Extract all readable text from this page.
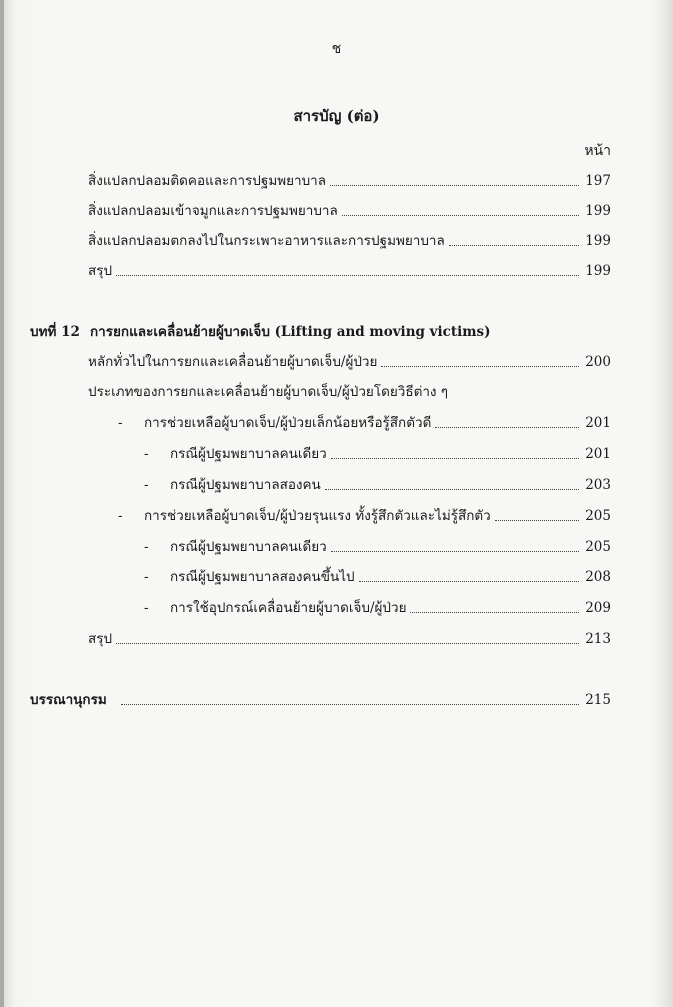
ช
สารบัญ (ต่อ)
หน้า
สิ่งแปลกปลอมติดคอและการปฐมพยาบาล	197
สิ่งแปลกปลอมเข้าจมูกและการปฐมพยาบาล	199
สิ่งแปลกปลอมตกลงไปในกระเพาะอาหารและการปฐมพยาบาล	199
สรุป	199
บทที่ 12 การยกและเคลื่อนย้ายผู้บาดเจ็บ (Lifting and moving victims)
หลักทั่วไปในการยกและเคลื่อนย้ายผู้บาดเจ็บ/ผู้ป่วย	200
ประเภทของการยกและเคลื่อนย้ายผู้บาดเจ็บ/ผู้ป่วยโดยวิธีต่าง ๆ
-	การช่วยเหลือผู้บาดเจ็บ/ผู้ป่วยเล็กน้อยหรือรู้สึกตัวดี	201
-	กรณีผู้ปฐมพยาบาลคนเดียว	201
-	กรณีผู้ปฐมพยาบาลสองคน	203
-	การช่วยเหลือผู้บาดเจ็บ/ผู้ป่วยรุนแรง ทั้งรู้สึกตัวและไม่รู้สึกตัว	205
-	กรณีผู้ปฐมพยาบาลคนเดียว	205
-	กรณีผู้ปฐมพยาบาลสองคนขึ้นไป	208
-	การใช้อุปกรณ์เคลื่อนย้ายผู้บาดเจ็บ/ผู้ป่วย	209
สรุป	213
บรรณานุกรม	215
